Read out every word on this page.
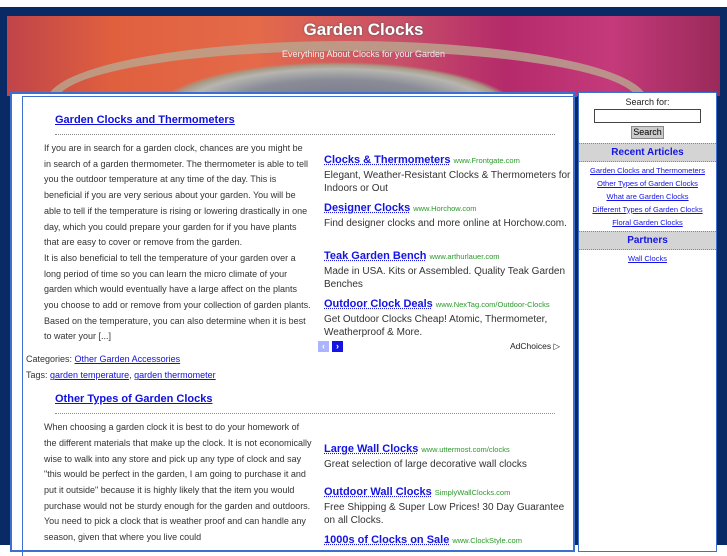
Garden Clocks
Everything About Clocks for your Garden
Garden Clocks and Thermometers

If you are in search for a garden clock, chances are you might be in search of a garden thermometer. The thermometer is able to tell you the outdoor temperature at any time of the day. This is beneficial if you are very serious about your garden. You will be able to tell if the temperature is rising or lowering drastically in one day, which you could prepare your garden for if you have plants that are easy to cover or remove from the garden.

It is also beneficial to tell the temperature of your garden over a long period of time so you can learn the micro climate of your garden which would eventually have a large affect on the plants you choose to add or remove from your collection of garden plants. Based on the temperature, you can also determine when it is best to water your [...]

Categories: Other Garden Accessories
Tags: garden temperature, garden thermometer
Other Types of Garden Clocks

When choosing a garden clock it is best to do your homework of the different materials that make up the clock. It is not economically wise to walk into any store and pick up any type of clock and say "this would be perfect in the garden, I am going to purchase it and put it outside" because it is highly likely that the item you would purchase would not be sturdy enough for the garden and outdoors. You need to pick a clock that is weather proof and can handle any season, given that where you live could

Clocks & Thermometers www.Frontgate.com
Elegant, Weather-Resistant Clocks & Thermometers for Indoors or Out
Designer Clocks www.Horchow.com
Find designer clocks and more online at Horchow.com.
Teak Garden Bench www.arthurlauer.com
Made in USA. Kits or Assembled. Quality Teak Garden Benches
Outdoor Clock Deals www.NexTag.com/Outdoor-Clocks
Get Outdoor Clocks Cheap! Atomic, Thermometer, Weatherproof & More.
‹	›	AdChoices ▷
Large Wall Clocks www.uttermost.com/clocks
Great selection of large decorative wall clocks
Outdoor Wall Clocks SimplyWallClocks.com
Free Shipping & Super Low Prices! 30 Day Guarantee on all Clocks.
1000s of Clocks on Sale www.ClockStyle.com
Search for:
Search
Recent Articles
Garden Clocks and Thermometers
Other Types of Garden Clocks
What are Garden Clocks
Different Types of Garden Clocks
Floral Garden Clocks
Partners
Wall Clocks
